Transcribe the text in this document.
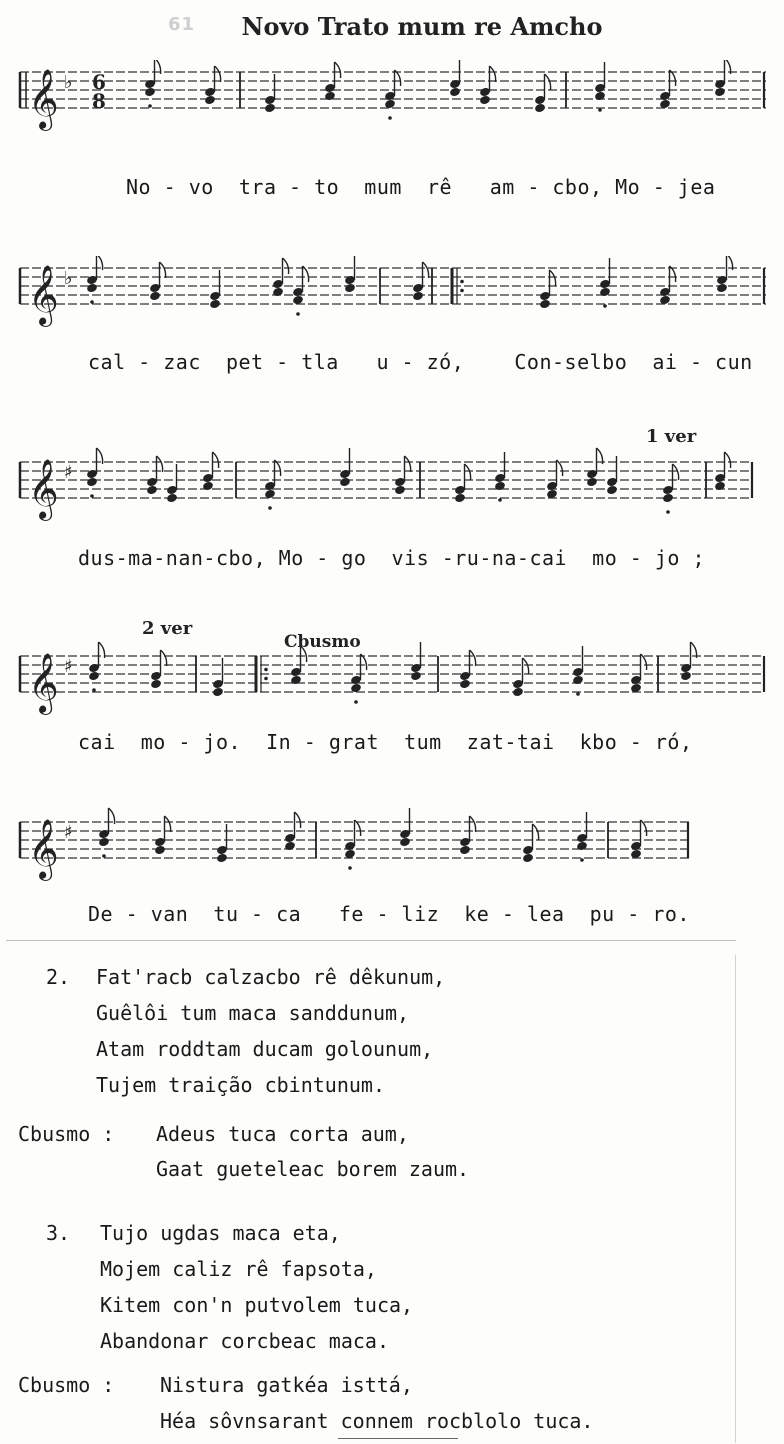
61	Novo Trato mum re Amcho
𝄞 ♭ 6
8
No - vo  tra - to  mum  rê   am - cbo, Mo - jea
𝄞 ♭
cal - zac  pet - tla   u - zó,    Con-selbo  ai - cun
1 ver
𝄞 ♯
dus-ma-nan-cbo, Mo - go  vis -ru-na-cai  mo - jo ;
2 ver
Cbusmo
𝄞 ♯
cai  mo - jo.  In - grat  tum  zat-tai  kbo - ró,
𝄞 ♯
De - van  tu - ca   fe - liz  ke - lea  pu - ro.
2. Fat'racb calzacbo rê dêkunum,
Guêlôi tum maca sanddunum,
Atam roddtam ducam golounum,
Tujem traição cbintunum.
Cbusmo : Adeus tuca corta aum,
Gaat gueteleac borem zaum.
3. Tujo ugdas maca eta,
Mojem caliz rê fapsota,
Kitem con'n putvolem tuca,
Abandonar corcbeac maca.
Cbusmo : Nistura gatkéa isttá,
Héa sôvnsarant connem rocblolo tuca.
